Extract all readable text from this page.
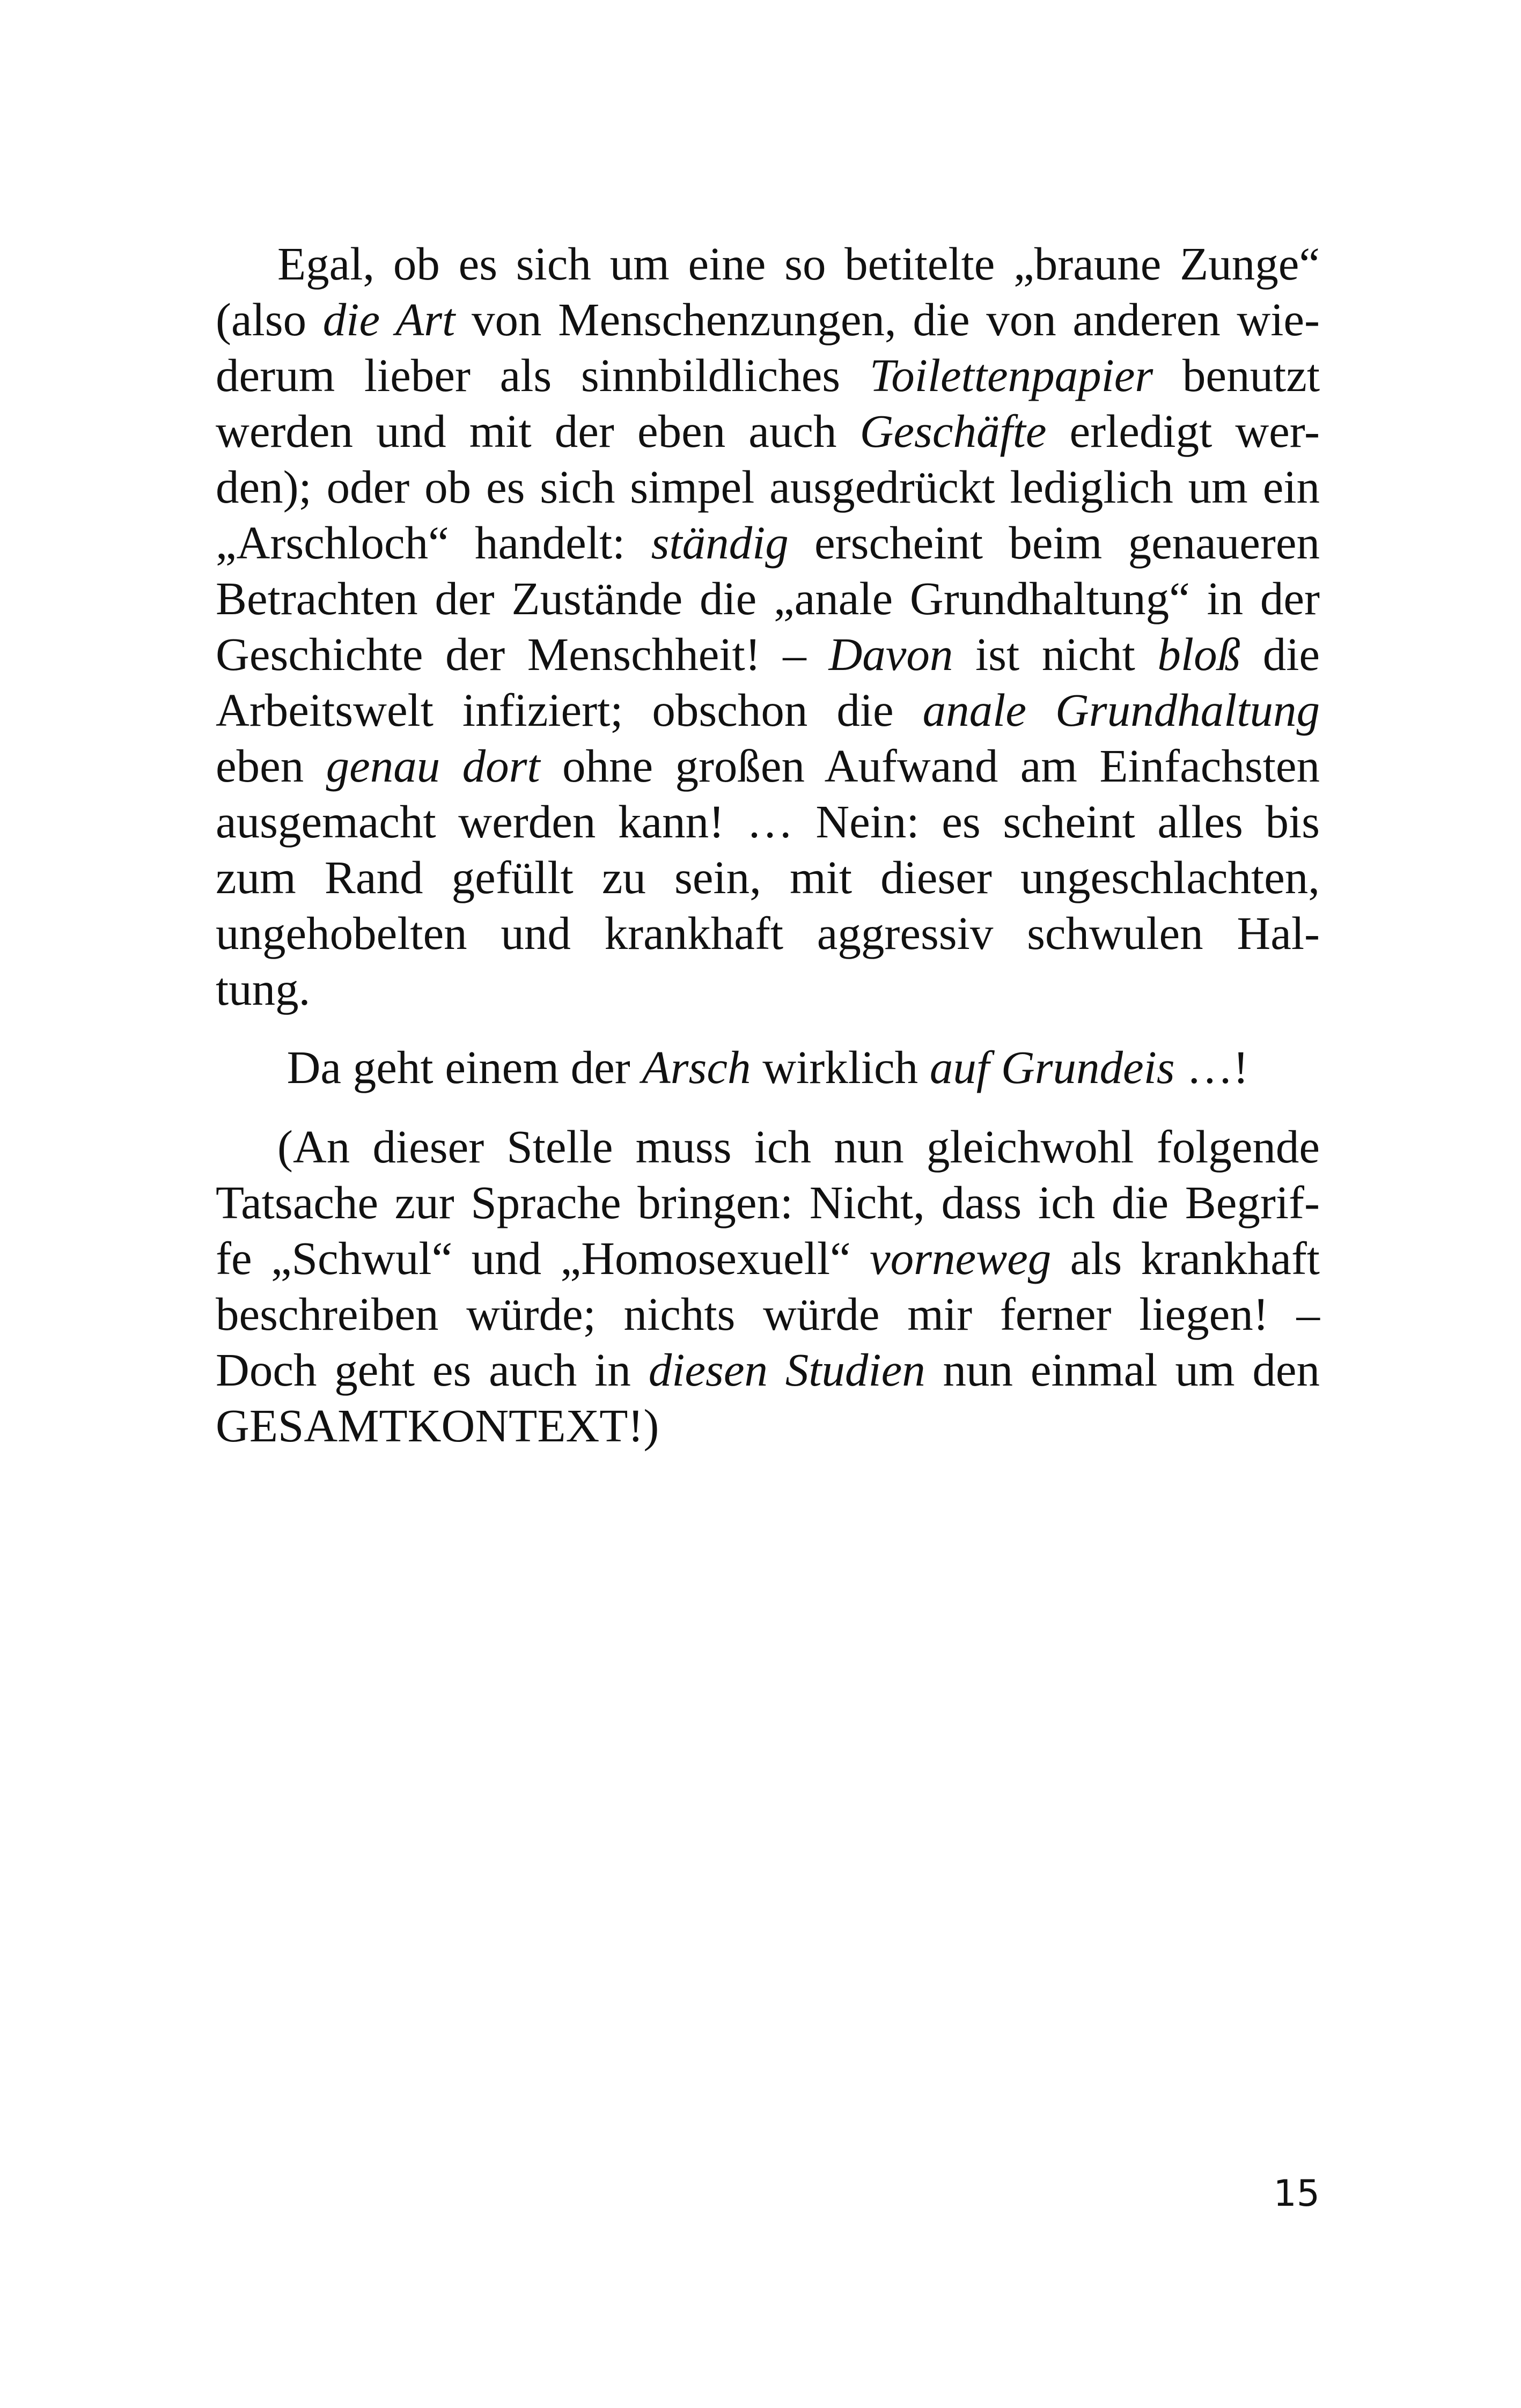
Egal, ob es sich um eine so betitelte „braune Zunge“
(also die Art von Menschenzungen, die von anderen wie-
derum lieber als sinnbildliches Toilettenpapier benutzt
werden und mit der eben auch Geschäfte erledigt wer-
den); oder ob es sich simpel ausgedrückt lediglich um ein
„Arschloch“ handelt: ständig erscheint beim genaueren
Betrachten der Zustände die „anale Grundhaltung“ in der
Geschichte der Menschheit! – Davon ist nicht bloß die
Arbeitswelt infiziert; obschon die anale Grundhaltung
eben genau dort ohne großen Aufwand am Einfachsten
ausgemacht werden kann! … Nein: es scheint alles bis
zum Rand gefüllt zu sein, mit dieser ungeschlachten,
ungehobelten und krankhaft aggressiv schwulen Hal-
tung.
Da geht einem der Arsch wirklich auf Grundeis …!
(An dieser Stelle muss ich nun gleichwohl folgende
Tatsache zur Sprache bringen: Nicht, dass ich die Begrif-
fe „Schwul“ und „Homosexuell“ vorneweg als krankhaft
beschreiben würde; nichts würde mir ferner liegen! –
Doch geht es auch in diesen Studien nun einmal um den
GESAMTKONTEXT!)
15
